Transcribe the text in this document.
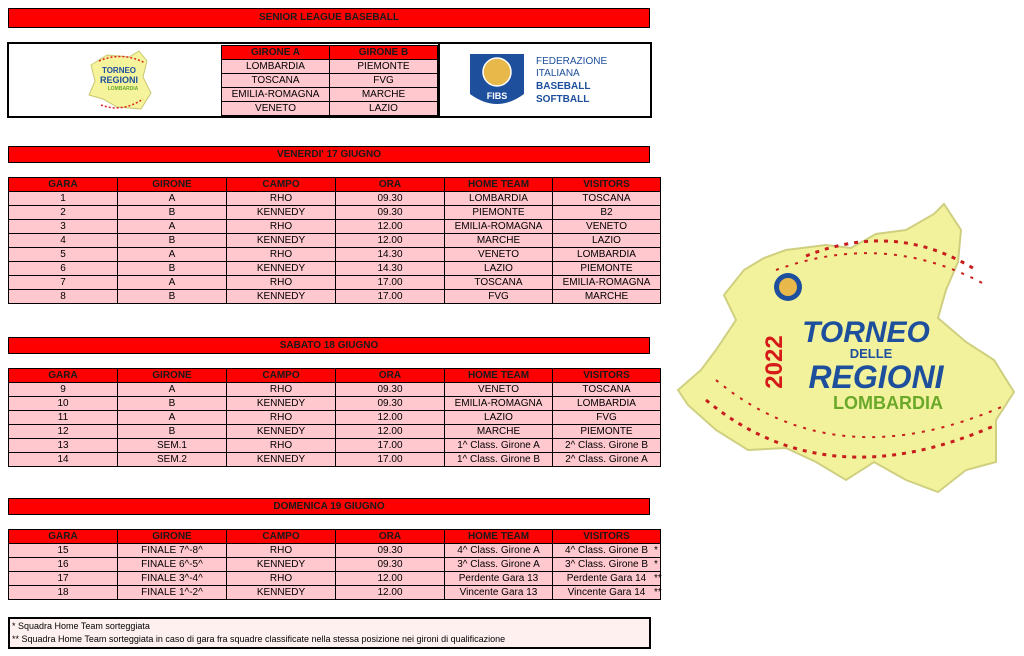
SENIOR LEAGUE BASEBALL
TORNEO
REGIONI
LOMBARDIA
GIRONE A	GIRONE B
LOMBARDIA	PIEMONTE
TOSCANA	FVG
EMILIA-ROMAGNA	MARCHE
VENETO	LAZIO
FIBS
FEDERAZIONE
ITALIANA
BASEBALL
SOFTBALL
VENERDI' 17 GIUGNO
GARA	GIRONE	CAMPO	ORA	HOME TEAM	VISITORS
1	A	RHO	09.30	LOMBARDIA	TOSCANA
2	B	KENNEDY	09.30	PIEMONTE	B2
3	A	RHO	12.00	EMILIA-ROMAGNA	VENETO
4	B	KENNEDY	12.00	MARCHE	LAZIO
5	A	RHO	14.30	VENETO	LOMBARDIA
6	B	KENNEDY	14.30	LAZIO	PIEMONTE
7	A	RHO	17.00	TOSCANA	EMILIA-ROMAGNA
8	B	KENNEDY	17.00	FVG	MARCHE
SABATO 18 GIUGNO
GARA	GIRONE	CAMPO	ORA	HOME TEAM	VISITORS
9	A	RHO	09.30	VENETO	TOSCANA
10	B	KENNEDY	09.30	EMILIA-ROMAGNA	LOMBARDIA
11	A	RHO	12.00	LAZIO	FVG
12	B	KENNEDY	12.00	MARCHE	PIEMONTE
13	SEM.1	RHO	17.00	1^ Class. Girone A	2^ Class. Girone B
14	SEM.2	KENNEDY	17.00	1^ Class. Girone B	2^ Class. Girone A
DOMENICA 19 GIUGNO
GARA	GIRONE	CAMPO	ORA	HOME TEAM	VISITORS
15	FINALE 7^-8^	RHO	09.30	4^ Class. Girone A	4^ Class. Girone B
16	FINALE 6^-5^	KENNEDY	09.30	3^ Class. Girone A	3^ Class. Girone B
17	FINALE 3^-4^	RHO	12.00	Perdente Gara 13	Perdente Gara 14
18	FINALE 1^-2^	KENNEDY	12.00	Vincente Gara 13	Vincente Gara 14
*
*
**
**
* Squadra Home Team sorteggiata
** Squadra Home Team sorteggiata in caso di gara fra squadre classificate nella stessa posizione nei gironi di qualificazione
2022
TORNEO
DELLE
REGIONI
LOMBARDIA
